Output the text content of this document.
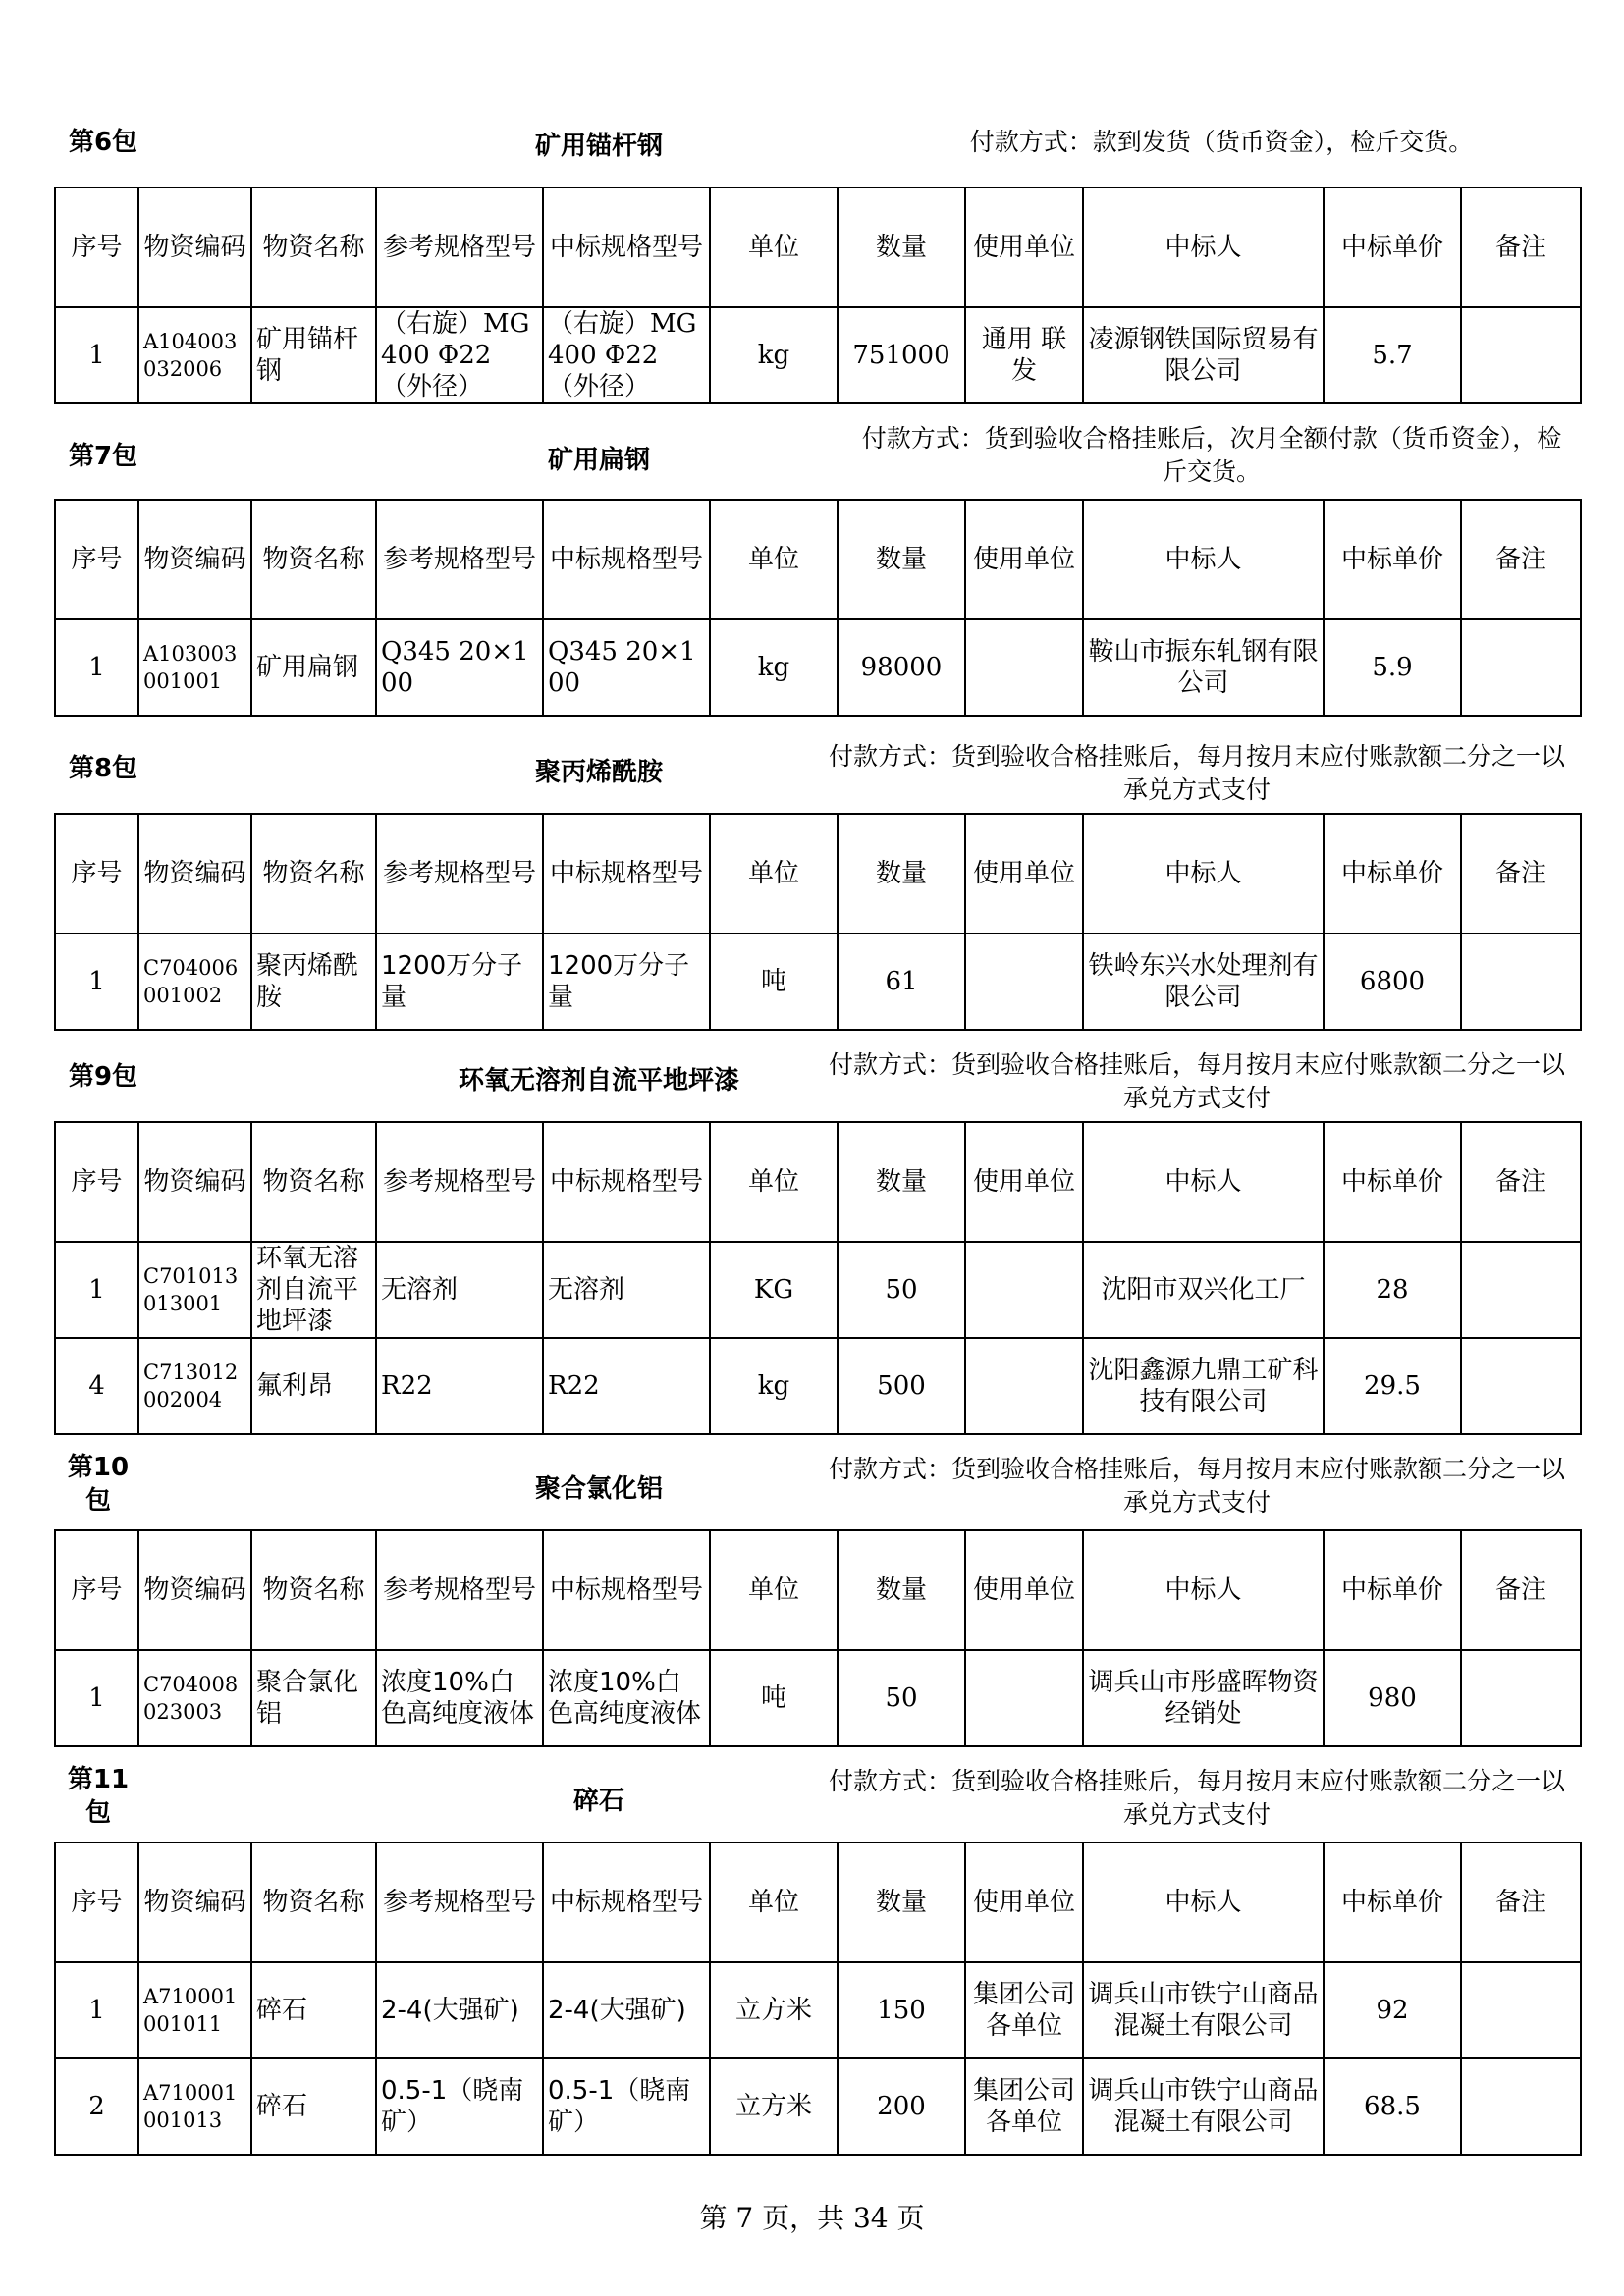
第6包	矿用锚杆钢	付款方式：款到发货（货币资金），检斤交货。
序号	物资编码	物资名称	参考规格型号	中标规格型号	单位	数量	使用单位	中标人	中标单价	备注
1	A104003032006	矿用锚杆钢	（右旋）MG400 Φ22（外径）	（右旋）MG400 Φ22（外径）	kg	751000	通用 联发	凌源钢铁国际贸易有限公司	5.7	
第7包	矿用扁钢
付款方式：货到验收合格挂账后，次月全额付款（货币资金），检斤交货。
序号	物资编码	物资名称	参考规格型号	中标规格型号	单位	数量	使用单位	中标人	中标单价	备注
1	A103003001001	矿用扁钢	Q345 20×100	Q345 20×100	kg	98000		鞍山市振东轧钢有限公司	5.9	
第8包	聚丙烯酰胺
付款方式：货到验收合格挂账后，每月按月末应付账款额二分之一以承兑方式支付
序号	物资编码	物资名称	参考规格型号	中标规格型号	单位	数量	使用单位	中标人	中标单价	备注
1	C704006001002	聚丙烯酰胺	1200万分子量	1200万分子量	吨	61		铁岭东兴水处理剂有限公司	6800	
第9包	环氧无溶剂自流平地坪漆
付款方式：货到验收合格挂账后，每月按月末应付账款额二分之一以承兑方式支付
序号	物资编码	物资名称	参考规格型号	中标规格型号	单位	数量	使用单位	中标人	中标单价	备注
1	C701013013001	环氧无溶剂自流平地坪漆	无溶剂	无溶剂	KG	50		沈阳市双兴化工厂	28	
4	C713012002004	氟利昂	R22	R22	kg	500		沈阳鑫源九鼎工矿科技有限公司	29.5	
第10包	聚合氯化铝
付款方式：货到验收合格挂账后，每月按月末应付账款额二分之一以承兑方式支付
序号	物资编码	物资名称	参考规格型号	中标规格型号	单位	数量	使用单位	中标人	中标单价	备注
1	C704008023003	聚合氯化铝	浓度10%白色高纯度液体	浓度10%白色高纯度液体	吨	50		调兵山市彤盛晖物资经销处	980	
第11包	碎石
付款方式：货到验收合格挂账后，每月按月末应付账款额二分之一以承兑方式支付
序号	物资编码	物资名称	参考规格型号	中标规格型号	单位	数量	使用单位	中标人	中标单价	备注
1	A710001001011	碎石	2-4(大强矿)	2-4(大强矿)	立方米	150	集团公司各单位	调兵山市铁宁山商品混凝土有限公司	92	
2	A710001001013	碎石	0.5-1（晓南矿）	0.5-1（晓南矿）	立方米	200	集团公司各单位	调兵山市铁宁山商品混凝土有限公司	68.5	
第 7 页，共 34 页
